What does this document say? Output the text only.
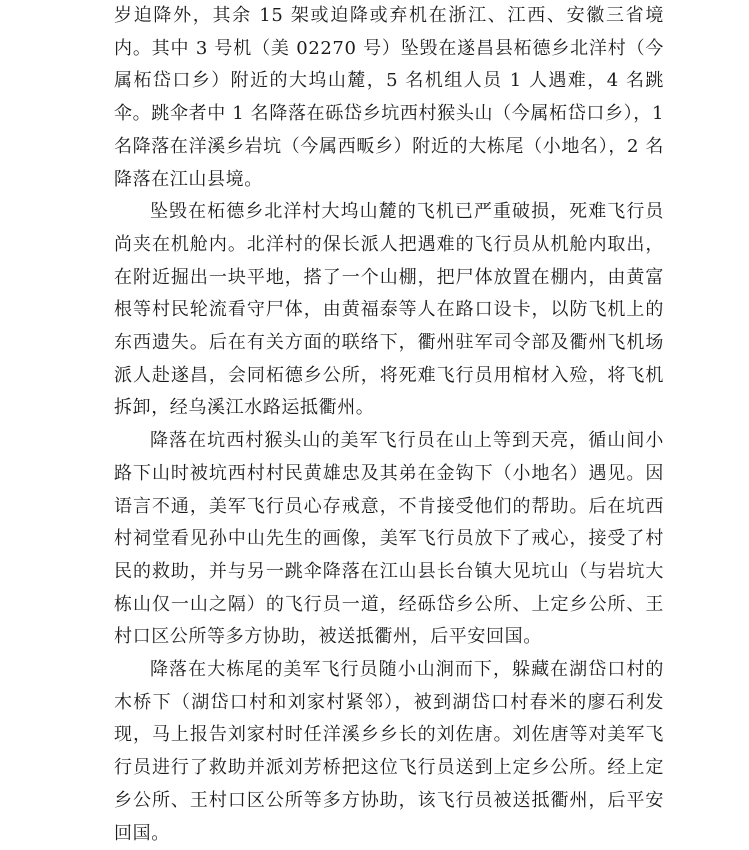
岁迫降外，其余 15 架或迫降或弃机在浙江、江西、安徽三省境内。其中 3 号机（美 02270 号）坠毁在遂昌县柘德乡北洋村（今属柘岱口乡）附近的大坞山麓，5 名机组人员 1 人遇难，4 名跳伞。跳伞者中 1 名降落在砾岱乡坑西村猴头山（今属柘岱口乡），1 名降落在洋溪乡岩坑（今属西畈乡）附近的大栋尾（小地名），2 名降落在江山县境。

坠毁在柘德乡北洋村大坞山麓的飞机已严重破损，死难飞行员尚夹在机舱内。北洋村的保长派人把遇难的飞行员从机舱内取出，在附近掘出一块平地，搭了一个山棚，把尸体放置在棚内，由黄富根等村民轮流看守尸体，由黄福泰等人在路口设卡，以防飞机上的东西遗失。后在有关方面的联络下，衢州驻军司令部及衢州飞机场派人赴遂昌，会同柘德乡公所，将死难飞行员用棺材入殓，将飞机拆卸，经乌溪江水路运抵衢州。

降落在坑西村猴头山的美军飞行员在山上等到天亮，循山间小路下山时被坑西村村民黄雄忠及其弟在金钩下（小地名）遇见。因语言不通，美军飞行员心存戒意，不肯接受他们的帮助。后在坑西村祠堂看见孙中山先生的画像，美军飞行员放下了戒心，接受了村民的救助，并与另一跳伞降落在江山县长台镇大见坑山（与岩坑大栋山仅一山之隔）的飞行员一道，经砾岱乡公所、上定乡公所、王村口区公所等多方协助，被送抵衢州，后平安回国。

降落在大栋尾的美军飞行员随小山涧而下，躲藏在湖岱口村的木桥下（湖岱口村和刘家村紧邻），被到湖岱口村春米的廖石利发现，马上报告刘家村时任洋溪乡乡长的刘佐唐。刘佐唐等对美军飞行员进行了救助并派刘芳桥把这位飞行员送到上定乡公所。经上定乡公所、王村口区公所等多方协助，该飞行员被送抵衢州，后平安回国。
